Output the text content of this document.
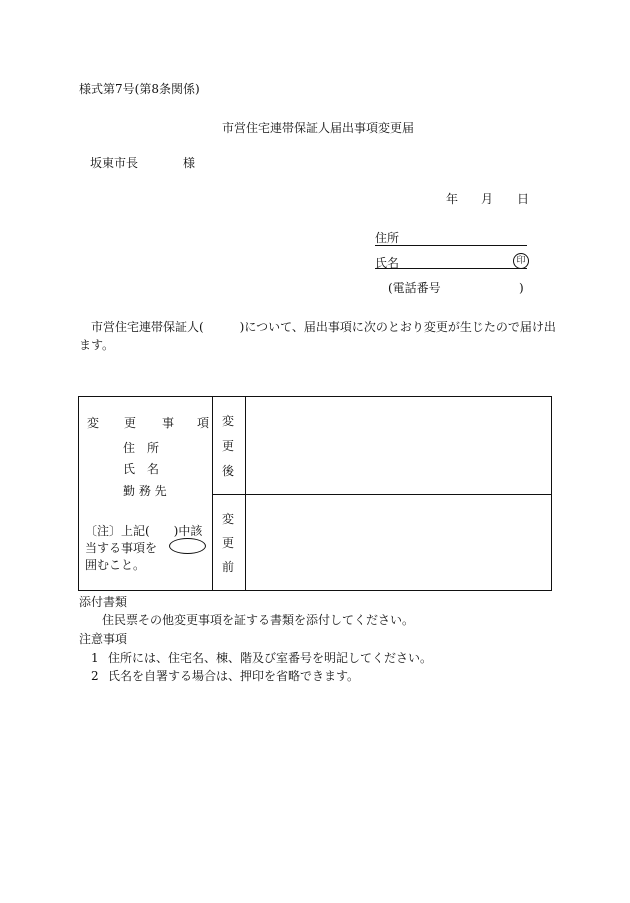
様式第7号(第8条関係)
市営住宅連帯保証人届出事項変更届
坂東市長	様
年 月 日
住所
氏名	印
(電話番号	)
市営住宅連帯保証人(　　　)について、届出事項に次のとおり変更が生じたので届け出
ます。
変 更 事 項
住　所
氏　名
勤 務 先
〔注〕上記(　　)中該
当する事項を
囲むこと。
変
更
後
変
更
前
添付書類
住民票その他変更事項を証する書類を添付してください。
注意事項
1 住所には、住宅名、棟、階及び室番号を明記してください。
2 氏名を自署する場合は、押印を省略できます。
